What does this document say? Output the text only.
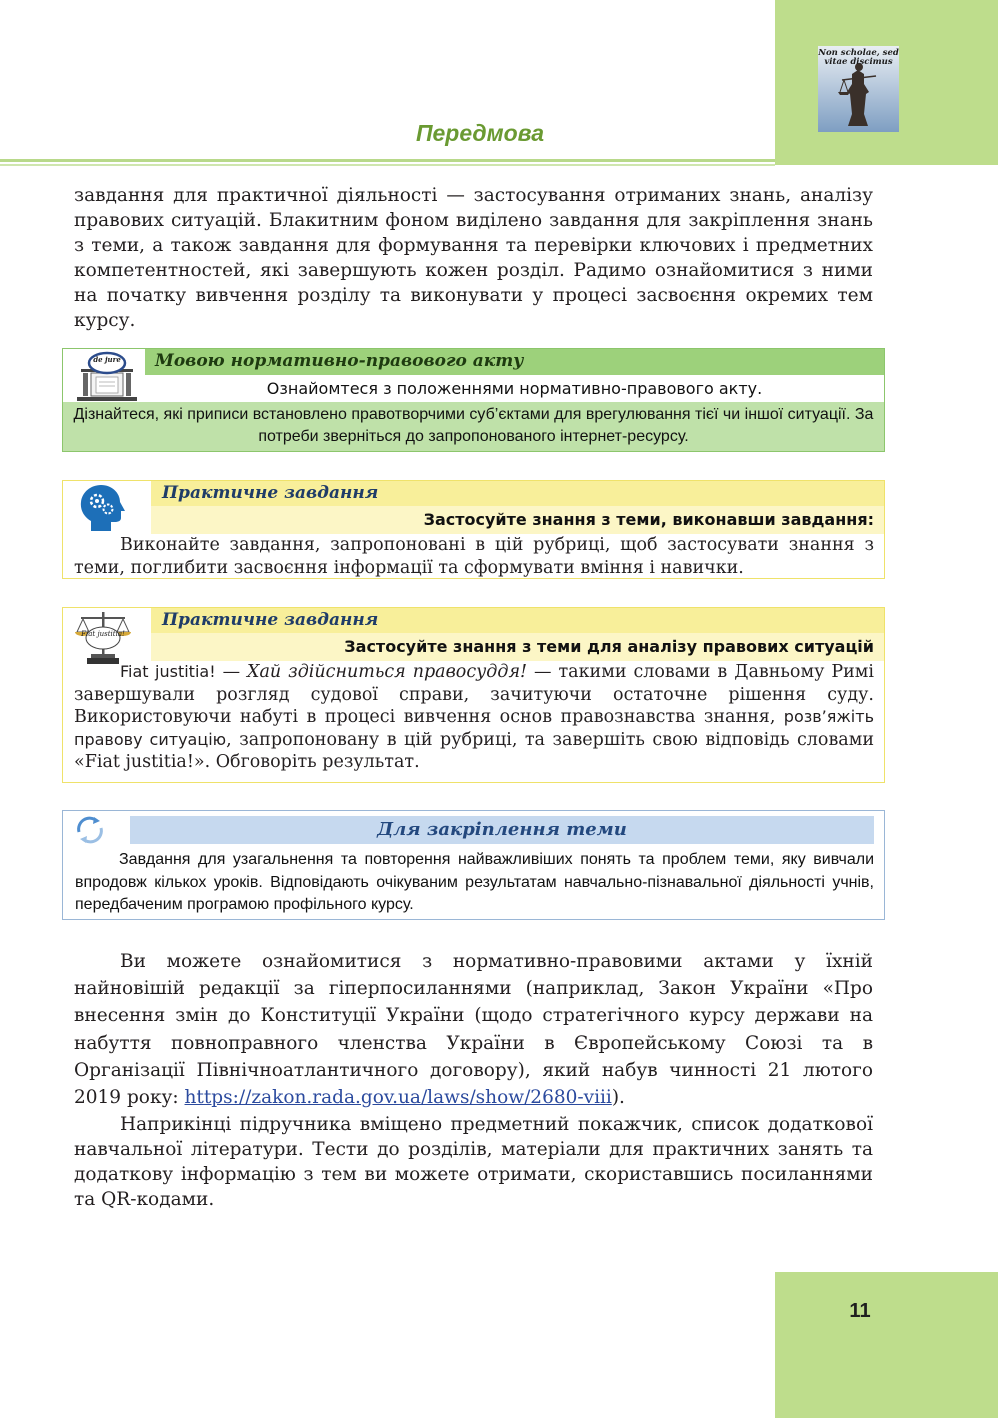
Non scholae, sed vitae discimus
Передмова

завдання для практичної діяльності — застосування отриманих знань, аналізу правових ситуацій. Блакитним фоном виділено завдання для закріплення знань з теми, а також завдання для формування та перевірки ключових і предметних компетентностей, які завершують кожен розділ. Радимо ознайомитися з ними на початку вивчення розділу та виконувати у процесі засвоєння окремих тем курсу.

de jure Мовою нормативно-правового акту
Ознайомтеся з положеннями нормативно-правового акту.
Дізнайтеся, які приписи встановлено правотворчими суб’єктами для врегулювання тієї чи іншої ситуації. За потреби зверніться до запропонованого інтернет-ресурсу.
Практичне завдання
Застосуйте знання з теми, виконавши завдання:

Виконайте завдання, запропоновані в цій рубриці, щоб застосувати знання з теми, поглибити засвоєння інформації та сформувати вміння і навички.

Fiat justitia!
Практичне завдання
Застосуйте знання з теми для аналізу правових ситуацій

Fiat justitia! — Хай здійсниться правосуддя! — такими словами в Давньому Римі завершували розгляд судової справи, зачитуючи остаточне рішення суду. Використовуючи набуті в процесі вивчення основ правознавства знання, розв’яжіть правову ситуацію, запропоновану в цій рубриці, та завершіть свою відповідь словами «Fiat justitia!». Обговоріть результат.

Для закріплення теми

Завдання для узагальнення та повторення найважливіших понять та проблем теми, яку вивчали впродовж кількох уроків. Відповідають очікуваним результатам навчально-пізнавальної діяльності учнів, передбаченим програмою профільного курсу.

Ви можете ознайомитися з нормативно-правовими актами у їхній найновішій редакції за гіперпосиланнями (наприклад, Закон України «Про внесення змін до Конституції України (щодо стратегічного курсу держави на набуття повноправного членства України в Європейському Союзі та в Організації Північноатлантичного договору), який набув чинності 21 лютого 2019 року: https://zakon.rada.gov.ua/laws/show/2680-viii).

Наприкінці підручника вміщено предметний покажчик, список додаткової навчальної літератури. Тести до розділів, матеріали для практичних занять та додаткову інформацію з тем ви можете отримати, скориставшись посиланнями та QR-кодами.

11
